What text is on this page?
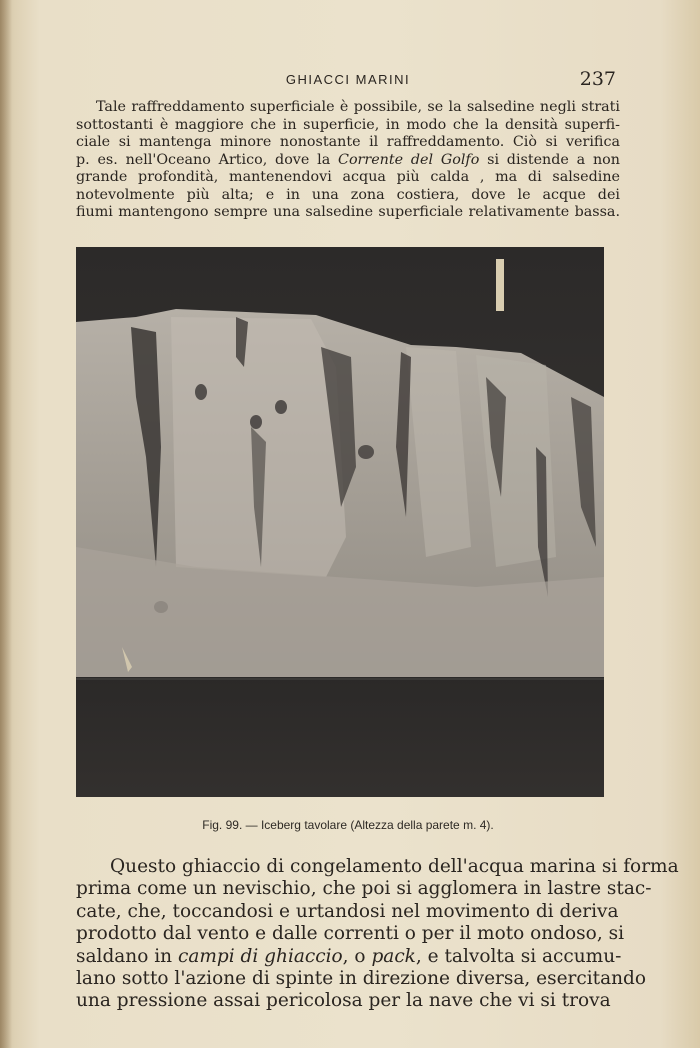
GHIACCI MARINI	237
Tale raffreddamento superficiale è possibile, se la salsedine negli strati
sottostanti è maggiore che in superficie, in modo che la densità superfi-
ciale si mantenga minore nonostante il raffreddamento. Ciò si verifica
p. es. nell'Oceano Artico, dove la Corrente del Golfo si distende a non
grande profondità, mantenendovi acqua più calda , ma di salsedine
notevolmente più alta; e in una zona costiera, dove le acque dei
fiumi mantengono sempre una salsedine superficiale relativamente bassa.
Fig. 99. — Iceberg tavolare (Altezza della parete m. 4).
Questo ghiaccio di congelamento dell'acqua marina si forma
prima come un nevischio, che poi si agglomera in lastre stac-
cate, che, toccandosi e urtandosi nel movimento di deriva
prodotto dal vento e dalle correnti o per il moto ondoso, si
saldano in campi di ghiaccio, o pack, e talvolta si accumu-
lano sotto l'azione di spinte in direzione diversa, esercitando
una pressione assai pericolosa per la nave che vi si trova
